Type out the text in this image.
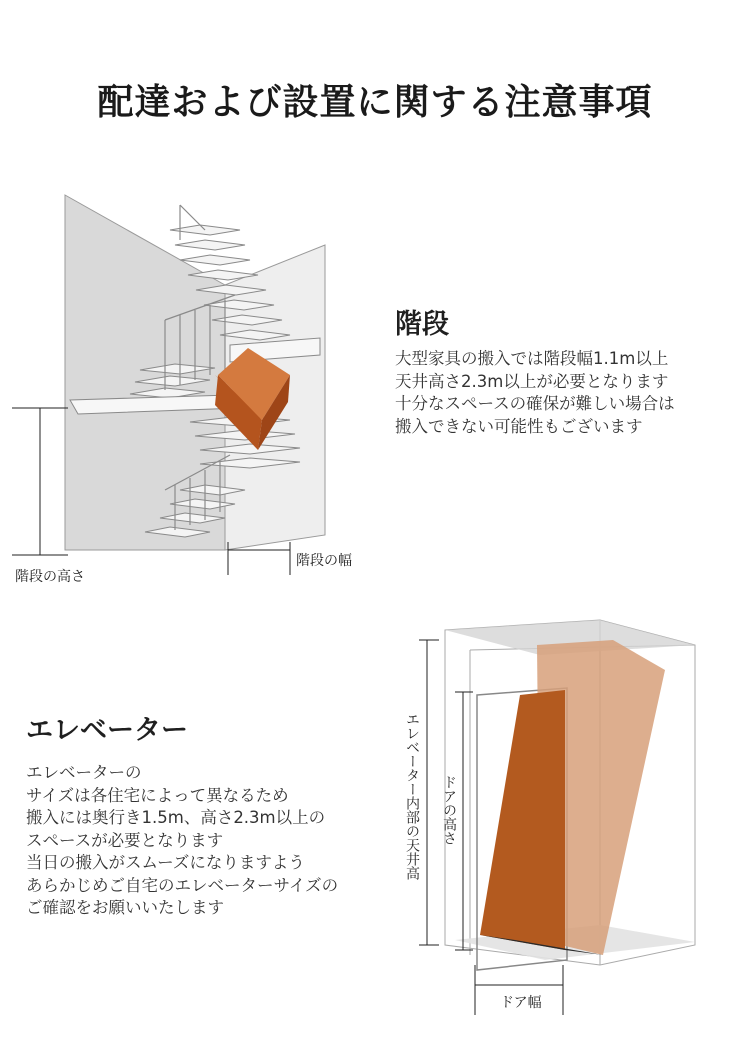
配達および設置に関する注意事項
階段の高さ
階段の幅
階段
大型家具の搬入では階段幅1.1m以上
天井高さ2.3m以上が必要となります
十分なスペースの確保が難しい場合は
搬入できない可能性もございます
エレベーター
エレベーターの
サイズは各住宅によって異なるため
搬入には奥行き1.5m、高さ2.3m以上の
スペースが必要となります
当日の搬入がスムーズになりますよう
あらかじめご自宅のエレベーターサイズの
ご確認をお願いいたします
エレベーター内部の天井高 ドアの高さ
ドア幅
